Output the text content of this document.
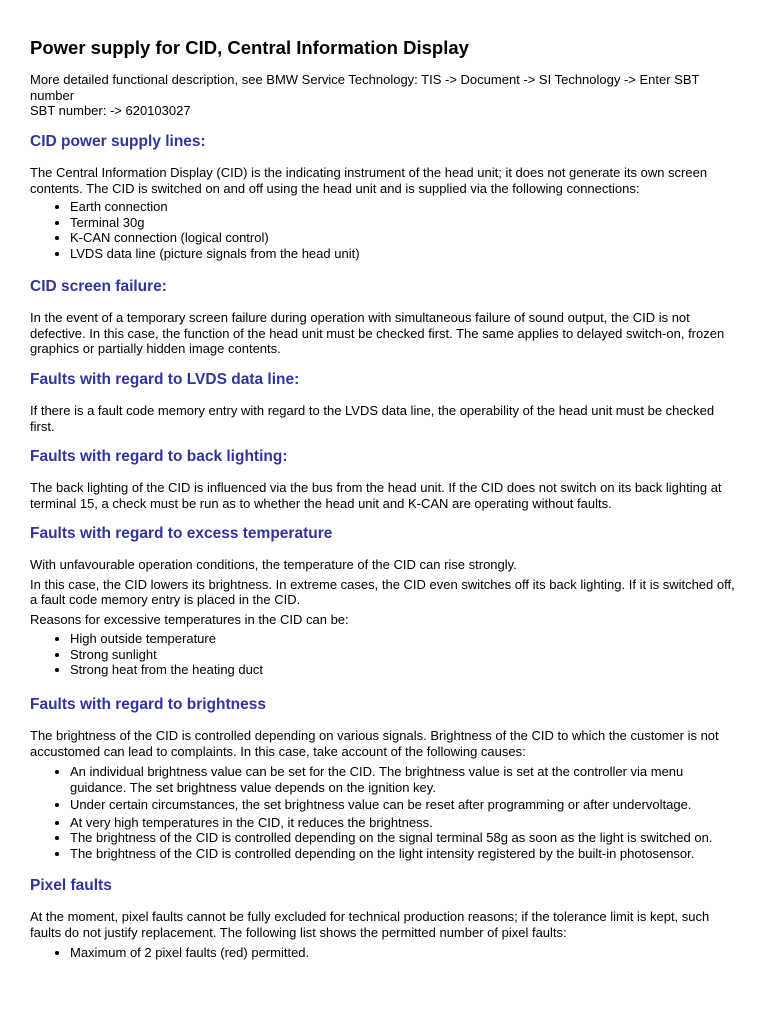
Power supply for CID, Central Information Display
More detailed functional description, see BMW Service Technology: TIS -> Document -> SI Technology -> Enter SBT number
SBT number: -> 620103027
CID power supply lines:

The Central Information Display (CID) is the indicating instrument of the head unit; it does not generate its own screen contents. The CID is switched on and off using the head unit and is supplied via the following connections:

• Earth connection
• Terminal 30g
• K-CAN connection (logical control)
• LVDS data line (picture signals from the head unit)
CID screen failure:

In the event of a temporary screen failure during operation with simultaneous failure of sound output, the CID is not defective. In this case, the function of the head unit must be checked first. The same applies to delayed switch-on, frozen graphics or partially hidden image contents.

Faults with regard to LVDS data line:

If there is a fault code memory entry with regard to the LVDS data line, the operability of the head unit must be checked first.

Faults with regard to back lighting:

The back lighting of the CID is influenced via the bus from the head unit. If the CID does not switch on its back lighting at terminal 15, a check must be run as to whether the head unit and K-CAN are operating without faults.

Faults with regard to excess temperature

With unfavourable operation conditions, the temperature of the CID can rise strongly.

In this case, the CID lowers its brightness. In extreme cases, the CID even switches off its back lighting. If it is switched off, a fault code memory entry is placed in the CID.

Reasons for excessive temperatures in the CID can be:

• High outside temperature
• Strong sunlight
• Strong heat from the heating duct
Faults with regard to brightness

The brightness of the CID is controlled depending on various signals. Brightness of the CID to which the customer is not accustomed can lead to complaints. In this case, take account of the following causes:

• An individual brightness value can be set for the CID. The brightness value is set at the controller via menu guidance. The set brightness value depends on the ignition key.
• Under certain circumstances, the set brightness value can be reset after programming or after undervoltage.
• At very high temperatures in the CID, it reduces the brightness.
• The brightness of the CID is controlled depending on the signal terminal 58g as soon as the light is switched on.
• The brightness of the CID is controlled depending on the light intensity registered by the built-in photosensor.
Pixel faults

At the moment, pixel faults cannot be fully excluded for technical production reasons; if the tolerance limit is kept, such faults do not justify replacement. The following list shows the permitted number of pixel faults:

• Maximum of 2 pixel faults (red) permitted.
